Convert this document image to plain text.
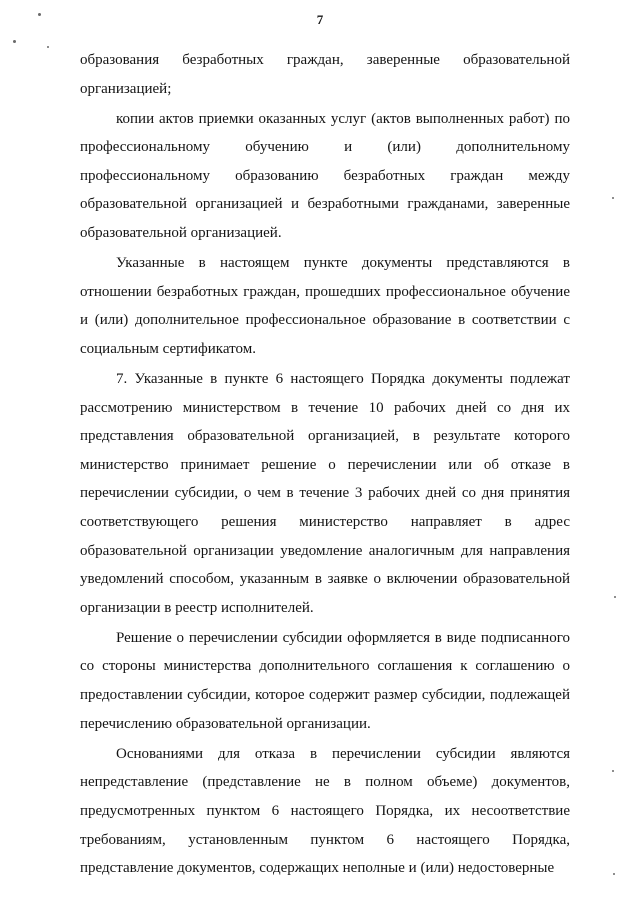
7

образования безработных граждан, заверенные образовательной организацией;

копии актов приемки оказанных услуг (актов выполненных работ) по профессиональному обучению и (или) дополнительному профессиональному образованию безработных граждан между образовательной организацией и безработными гражданами, заверенные образовательной организацией.

Указанные в настоящем пункте документы представляются в отношении безработных граждан, прошедших профессиональное обучение и (или) дополнительное профессиональное образование в соответствии с социальным сертификатом.

7. Указанные в пункте 6 настоящего Порядка документы подлежат рассмотрению министерством в течение 10 рабочих дней со дня их представления образовательной организацией, в результате которого министерство принимает решение о перечислении или об отказе в перечислении субсидии, о чем в течение 3 рабочих дней со дня принятия соответствующего решения министерство направляет в адрес образовательной организации уведомление аналогичным для направления уведомлений способом, указанным в заявке о включении образовательной организации в реестр исполнителей.

Решение о перечислении субсидии оформляется в виде подписанного со стороны министерства дополнительного соглашения к соглашению о предоставлении субсидии, которое содержит размер субсидии, подлежащей перечислению образовательной организации.

Основаниями для отказа в перечислении субсидии являются непредставление (представление не в полном объеме) документов, предусмотренных пунктом 6 настоящего Порядка, их несоответствие требованиям, установленным пунктом 6 настоящего Порядка, представление документов, содержащих неполные и (или) недостоверные
